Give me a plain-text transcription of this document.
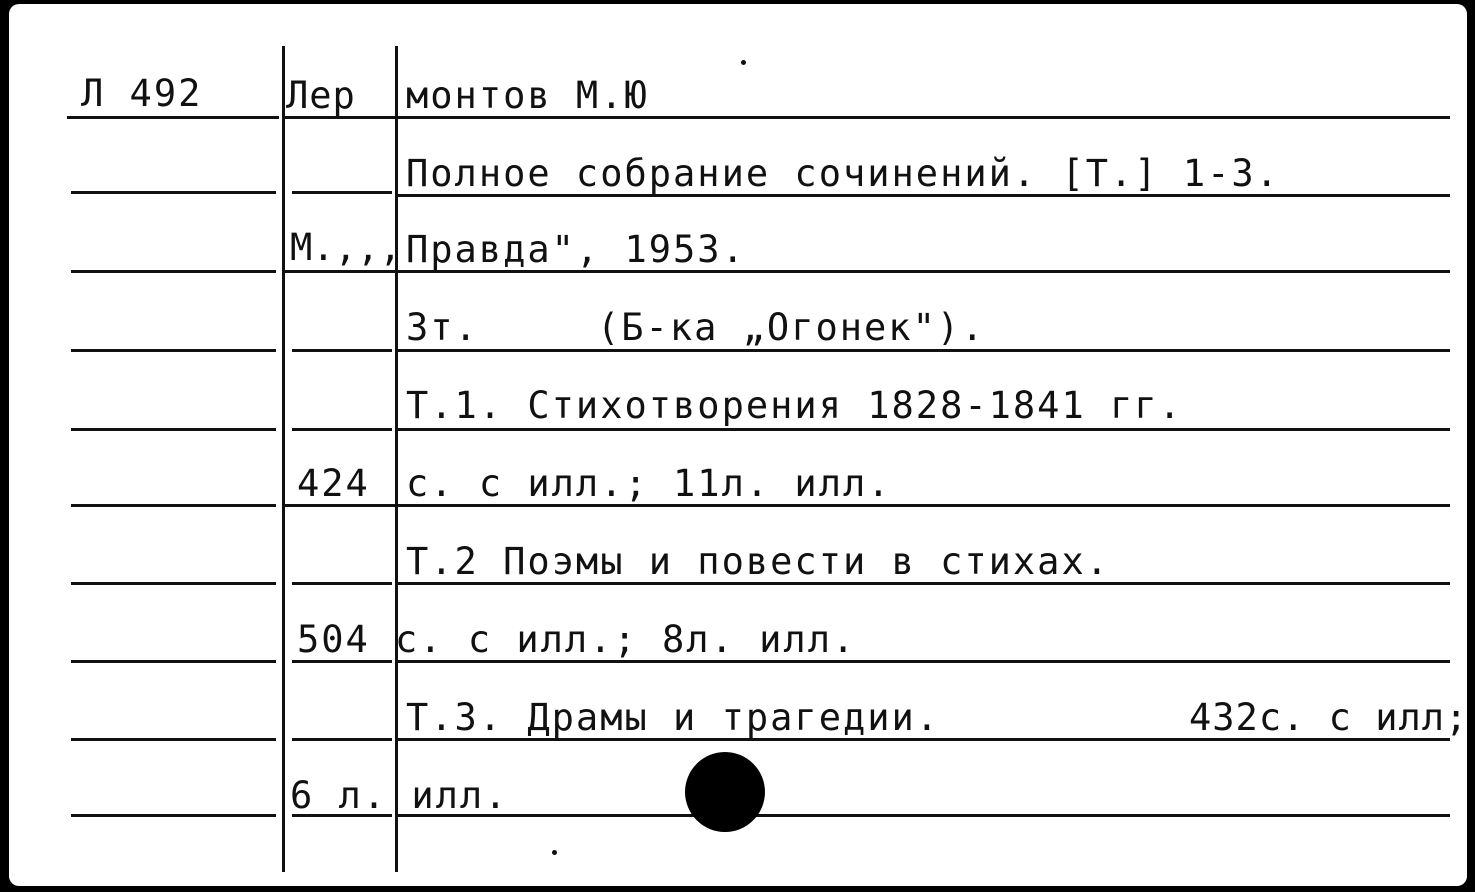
Л 492 Лер монтов М.Ю
Полное собрание сочинений. [Т.] 1-3.
М.,,, Правда", 1953.
3т.	(Б-ка „Огонек").
Т.1. Стихотворения 1828-1841 гг.
424 с. с илл.; 11л. илл.
Т.2 Поэмы и повести в стихах.
504 с. с илл.; 8л. илл.
Т.3. Драмы и трагедии.	432с. с илл;
6 л. илл.
